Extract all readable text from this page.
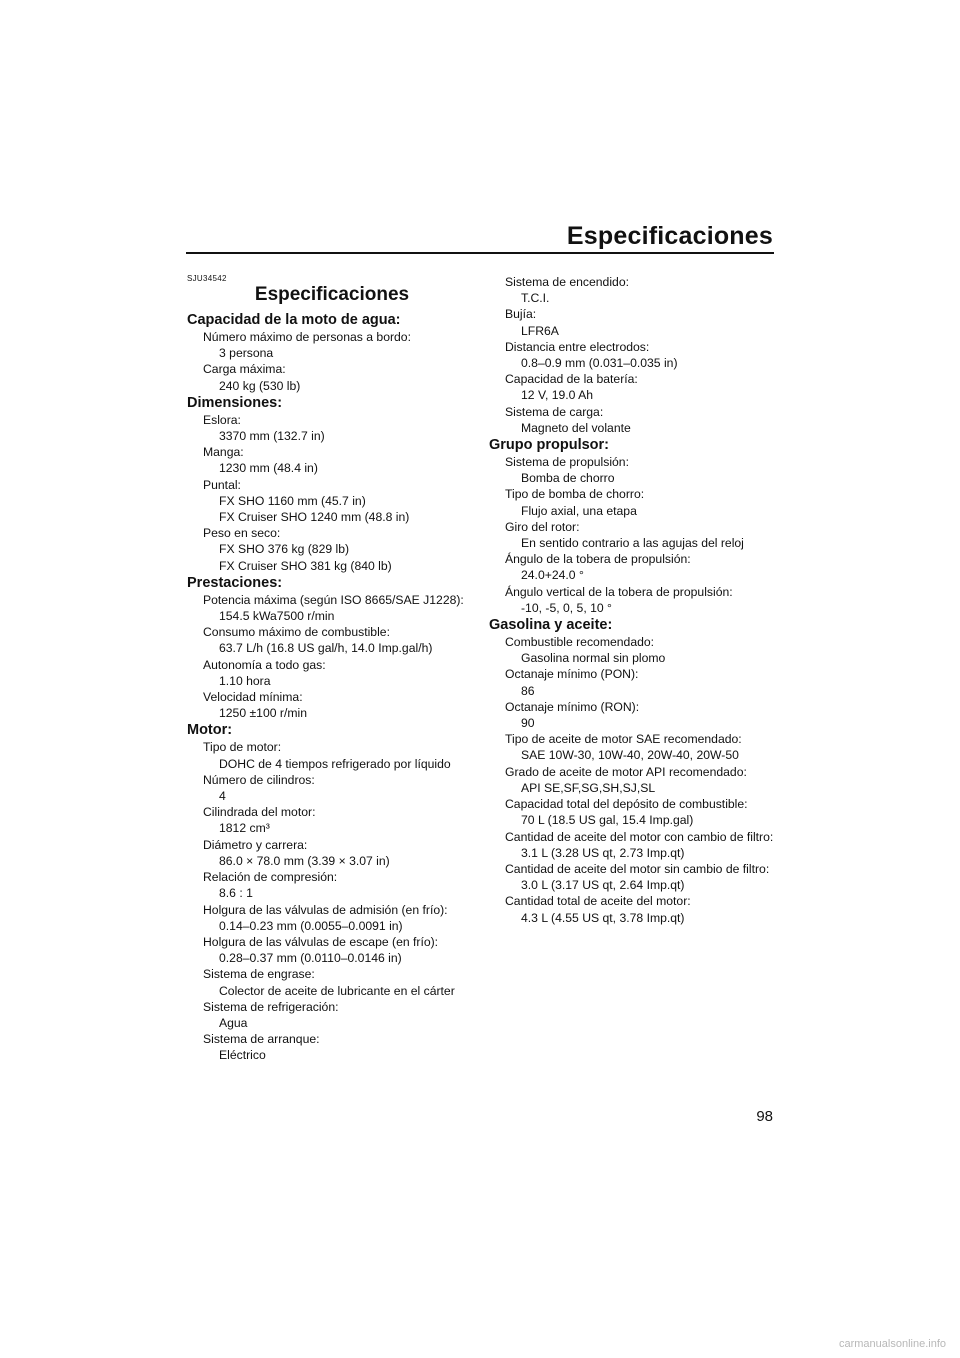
Especificaciones

SJU34542

Especificaciones

Capacidad de la moto de agua:

Número máximo de personas a bordo:

3 persona

Carga máxima:

240 kg (530 lb)

Dimensiones:

Eslora:

3370 mm (132.7 in)

Manga:

1230 mm (48.4 in)

Puntal:

FX SHO 1160 mm (45.7 in)

FX Cruiser SHO 1240 mm (48.8 in)

Peso en seco:

FX SHO 376 kg (829 lb)

FX Cruiser SHO 381 kg (840 lb)

Prestaciones:

Potencia máxima (según ISO 8665/SAE J1228):

154.5 kWa7500 r/min

Consumo máximo de combustible:

63.7 L/h (16.8 US gal/h, 14.0 Imp.gal/h)

Autonomía a todo gas:

1.10 hora

Velocidad mínima:

1250 ±100 r/min

Motor:

Tipo de motor:

DOHC de 4 tiempos refrigerado por líquido

Número de cilindros:

4

Cilindrada del motor:

1812 cm³

Diámetro y carrera:

86.0 × 78.0 mm (3.39 × 3.07 in)

Relación de compresión:

8.6 : 1

Holgura de las válvulas de admisión (en frío):

0.14–0.23 mm (0.0055–0.0091 in)

Holgura de las válvulas de escape (en frío):

0.28–0.37 mm (0.0110–0.0146 in)

Sistema de engrase:

Colector de aceite de lubricante en el cárter

Sistema de refrigeración:

Agua

Sistema de arranque:

Eléctrico

Sistema de encendido:

T.C.I.

Bujía:

LFR6A

Distancia entre electrodos:

0.8–0.9 mm (0.031–0.035 in)

Capacidad de la batería:

12 V, 19.0 Ah

Sistema de carga:

Magneto del volante

Grupo propulsor:

Sistema de propulsión:

Bomba de chorro

Tipo de bomba de chorro:

Flujo axial, una etapa

Giro del rotor:

En sentido contrario a las agujas del reloj

Ángulo de la tobera de propulsión:

24.0+24.0 °

Ángulo vertical de la tobera de propulsión:

-10, -5, 0, 5, 10 °

Gasolina y aceite:

Combustible recomendado:

Gasolina normal sin plomo

Octanaje mínimo (PON):

86

Octanaje mínimo (RON):

90

Tipo de aceite de motor SAE recomendado:

SAE 10W-30, 10W-40, 20W-40, 20W-50

Grado de aceite de motor API recomendado:

API SE,SF,SG,SH,SJ,SL

Capacidad total del depósito de combustible:

70 L (18.5 US gal, 15.4 Imp.gal)

Cantidad de aceite del motor con cambio de filtro:

3.1 L (3.28 US qt, 2.73 Imp.qt)

Cantidad de aceite del motor sin cambio de filtro:

3.0 L (3.17 US qt, 2.64 Imp.qt)

Cantidad total de aceite del motor:

4.3 L (4.55 US qt, 3.78 Imp.qt)

98
carmanualsonline.info
